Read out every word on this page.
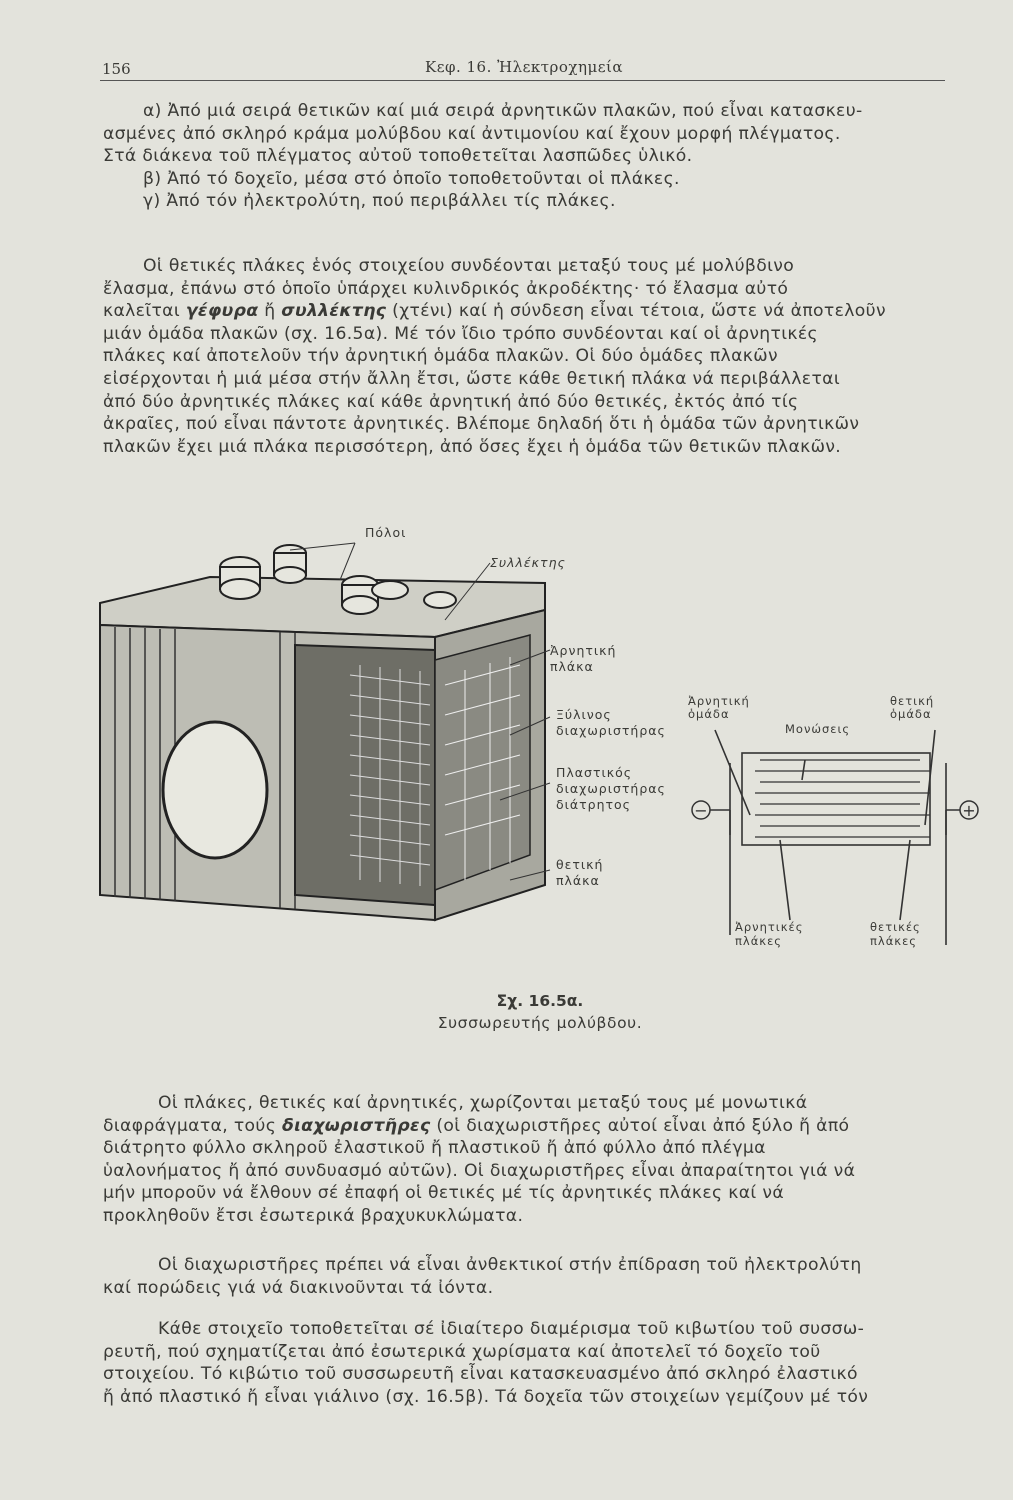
156	Κεφ. 16. Ἠλεκτροχημεία
α) Ἀπό μιά σειρά θετικῶν καί μιά σειρά ἀρνητικῶν πλακῶν, πού εἶναι κατασκευ-
ασμένες ἀπό σκληρό κράμα μολύβδου καί ἀντιμονίου καί ἔχουν μορφή πλέγματος.
Στά διάκενα τοῦ πλέγματος αὐτοῦ τοποθετεῖται λασπῶδες ὑλικό.
β) Ἀπό τό δοχεῖο, μέσα στό ὁποῖο τοποθετοῦνται οἱ πλάκες.
γ) Ἀπό τόν ἠλεκτρολύτη, πού περιβάλλει τίς πλάκες.
Οἱ θετικές πλάκες ἑνός στοιχείου συνδέονται μεταξύ τους μέ μολύβδινο
ἔλασμα, ἐπάνω στό ὁποῖο ὑπάρχει κυλινδρικός ἀκροδέκτης· τό ἔλασμα αὐτό
καλεῖται γέφυρα ἤ συλλέκτης (χτένι) καί ἡ σύνδεση εἶναι τέτοια, ὥστε νά ἀποτελοῦν
μιάν ὁμάδα πλακῶν (σχ. 16.5α). Μέ τόν ἴδιο τρόπο συνδέονται καί οἱ ἀρνητικές
πλάκες καί ἀποτελοῦν τήν ἀρνητική ὁμάδα πλακῶν. Οἱ δύο ὁμάδες πλακῶν
εἰσέρχονται ἡ μιά μέσα στήν ἄλλη ἔτσι, ὥστε κάθε θετική πλάκα νά περιβάλλεται
ἀπό δύο ἀρνητικές πλάκες καί κάθε ἀρνητική ἀπό δύο θετικές, ἐκτός ἀπό τίς
ἀκραῖες, πού εἶναι πάντοτε ἀρνητικές. Βλέπομε δηλαδή ὅτι ἡ ὁμάδα τῶν ἀρνητικῶν
πλακῶν ἔχει μιά πλάκα περισσότερη, ἀπό ὅσες ἔχει ἡ ὁμάδα τῶν θετικῶν πλακῶν.
−	+
Πόλοι
Συλλέκτης
Ἀρνητική
πλάκα
Ξύλινος
διαχωριστήρας
Πλαστικός
διαχωριστήρας
διάτρητος
θετική
πλάκα
Ἀρνητική
ὁμάδα
θετική
ὁμάδα
Μονώσεις
Ἀρνητικές
πλάκες
θετικές
πλάκες
Σχ. 16.5α.
Συσσωρευτής μολύβδου.
Οἱ πλάκες, θετικές καί ἀρνητικές, χωρίζονται μεταξύ τους μέ μονωτικά
διαφράγματα, τούς διαχωριστῆρες (οἱ διαχωριστῆρες αὐτοί εἶναι ἀπό ξύλο ἤ ἀπό
διάτρητο φύλλο σκληροῦ ἐλαστικοῦ ἤ πλαστικοῦ ἤ ἀπό φύλλο ἀπό πλέγμα
ὑαλονήματος ἤ ἀπό συνδυασμό αὐτῶν). Οἱ διαχωριστῆρες εἶναι ἀπαραίτητοι γιά νά
μήν μποροῦν νά ἔλθουν σέ ἐπαφή οἱ θετικές μέ τίς ἀρνητικές πλάκες καί νά
προκληθοῦν ἔτσι ἐσωτερικά βραχυκυκλώματα.
Οἱ διαχωριστῆρες πρέπει νά εἶναι ἀνθεκτικοί στήν ἐπίδραση τοῦ ἠλεκτρολύτη
καί πορώδεις γιά νά διακινοῦνται τά ἰόντα.
Κάθε στοιχεῖο τοποθετεῖται σέ ἰδιαίτερο διαμέρισμα τοῦ κιβωτίου τοῦ συσσω-
ρευτῆ, πού σχηματίζεται ἀπό ἐσωτερικά χωρίσματα καί ἀποτελεῖ τό δοχεῖο τοῦ
στοιχείου. Τό κιβώτιο τοῦ συσσωρευτῆ εἶναι κατασκευασμένο ἀπό σκληρό ἐλαστικό
ἤ ἀπό πλαστικό ἤ εἶναι γιάλινο (σχ. 16.5β). Τά δοχεῖα τῶν στοιχείων γεμίζουν μέ τόν
